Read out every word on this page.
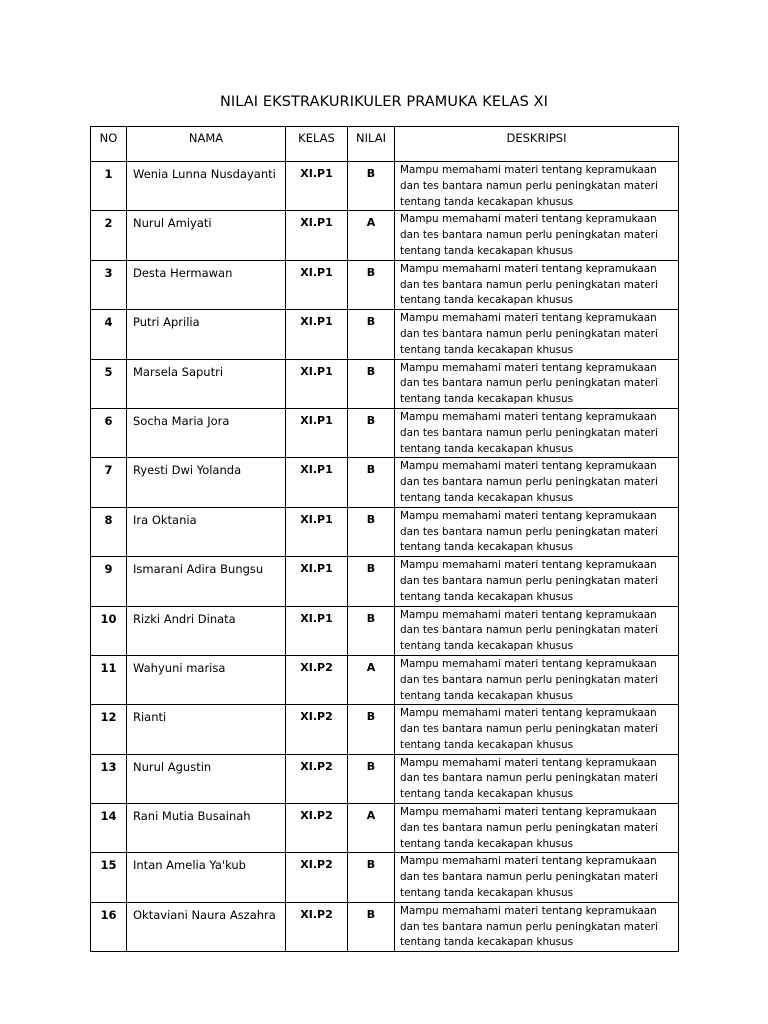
NILAI EKSTRAKURIKULER PRAMUKA KELAS XI
NO	NAMA	KELAS	NILAI	DESKRIPSI
1	Wenia Lunna Nusdayanti	XI.P1	B	Mampu memahami materi tentang kepramukaan
dan tes bantara namun perlu peningkatan materi
tentang tanda kecakapan khusus
2	Nurul Amiyati	XI.P1	A	Mampu memahami materi tentang kepramukaan
dan tes bantara namun perlu peningkatan materi
tentang tanda kecakapan khusus
3	Desta Hermawan	XI.P1	B	Mampu memahami materi tentang kepramukaan
dan tes bantara namun perlu peningkatan materi
tentang tanda kecakapan khusus
4	Putri Aprilia	XI.P1	B	Mampu memahami materi tentang kepramukaan
dan tes bantara namun perlu peningkatan materi
tentang tanda kecakapan khusus
5	Marsela Saputri	XI.P1	B	Mampu memahami materi tentang kepramukaan
dan tes bantara namun perlu peningkatan materi
tentang tanda kecakapan khusus
6	Socha Maria Jora	XI.P1	B	Mampu memahami materi tentang kepramukaan
dan tes bantara namun perlu peningkatan materi
tentang tanda kecakapan khusus
7	Ryesti Dwi Yolanda	XI.P1	B	Mampu memahami materi tentang kepramukaan
dan tes bantara namun perlu peningkatan materi
tentang tanda kecakapan khusus
8	Ira Oktania	XI.P1	B	Mampu memahami materi tentang kepramukaan
dan tes bantara namun perlu peningkatan materi
tentang tanda kecakapan khusus
9	Ismarani Adira Bungsu	XI.P1	B	Mampu memahami materi tentang kepramukaan
dan tes bantara namun perlu peningkatan materi
tentang tanda kecakapan khusus
10	Rizki Andri Dinata	XI.P1	B	Mampu memahami materi tentang kepramukaan
dan tes bantara namun perlu peningkatan materi
tentang tanda kecakapan khusus
11	Wahyuni marisa	XI.P2	A	Mampu memahami materi tentang kepramukaan
dan tes bantara namun perlu peningkatan materi
tentang tanda kecakapan khusus
12	Rianti	XI.P2	B	Mampu memahami materi tentang kepramukaan
dan tes bantara namun perlu peningkatan materi
tentang tanda kecakapan khusus
13	Nurul Agustin	XI.P2	B	Mampu memahami materi tentang kepramukaan
dan tes bantara namun perlu peningkatan materi
tentang tanda kecakapan khusus
14	Rani Mutia Busainah	XI.P2	A	Mampu memahami materi tentang kepramukaan
dan tes bantara namun perlu peningkatan materi
tentang tanda kecakapan khusus
15	Intan Amelia Ya'kub	XI.P2	B	Mampu memahami materi tentang kepramukaan
dan tes bantara namun perlu peningkatan materi
tentang tanda kecakapan khusus
16	Oktaviani Naura Aszahra	XI.P2	B	Mampu memahami materi tentang kepramukaan
dan tes bantara namun perlu peningkatan materi
tentang tanda kecakapan khusus
